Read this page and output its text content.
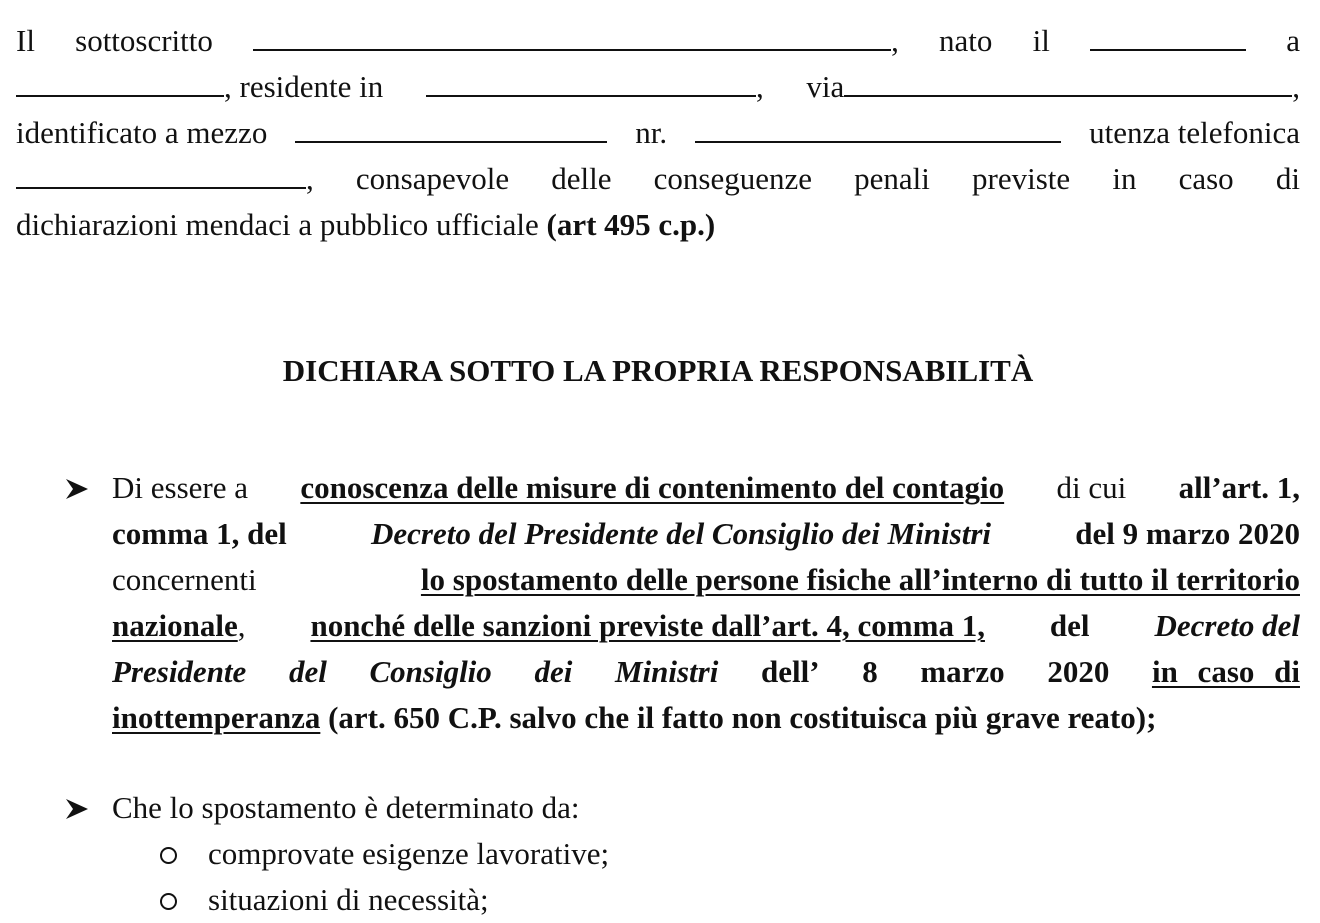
Il sottoscritto	, nato il	a
, residente in	, via	,
identificato a mezzo	nr.	utenza telefonica
, consapevole delle conseguenze penali previste in caso di
dichiarazioni mendaci a pubblico ufficiale (art 495 c.p.)
DICHIARA SOTTO LA PROPRIA RESPONSABILITÀ
Di essere a conoscenza delle misure di contenimento del contagio di cui all’art. 1,
comma 1, del	Decreto del Presidente del Consiglio dei Ministri	del 9 marzo 2020
concernenti	lo spostamento delle persone fisiche all’interno di tutto il territorio
nazionale, nonché delle sanzioni previste dall’art. 4, comma 1, del Decreto del
Presidente del Consiglio dei Ministri dell’ 8 marzo 2020 in caso di
inottemperanza (art. 650 C.P. salvo che il fatto non costituisca più grave reato);
Che lo spostamento è determinato da:
comprovate esigenze lavorative;
situazioni di necessità;
